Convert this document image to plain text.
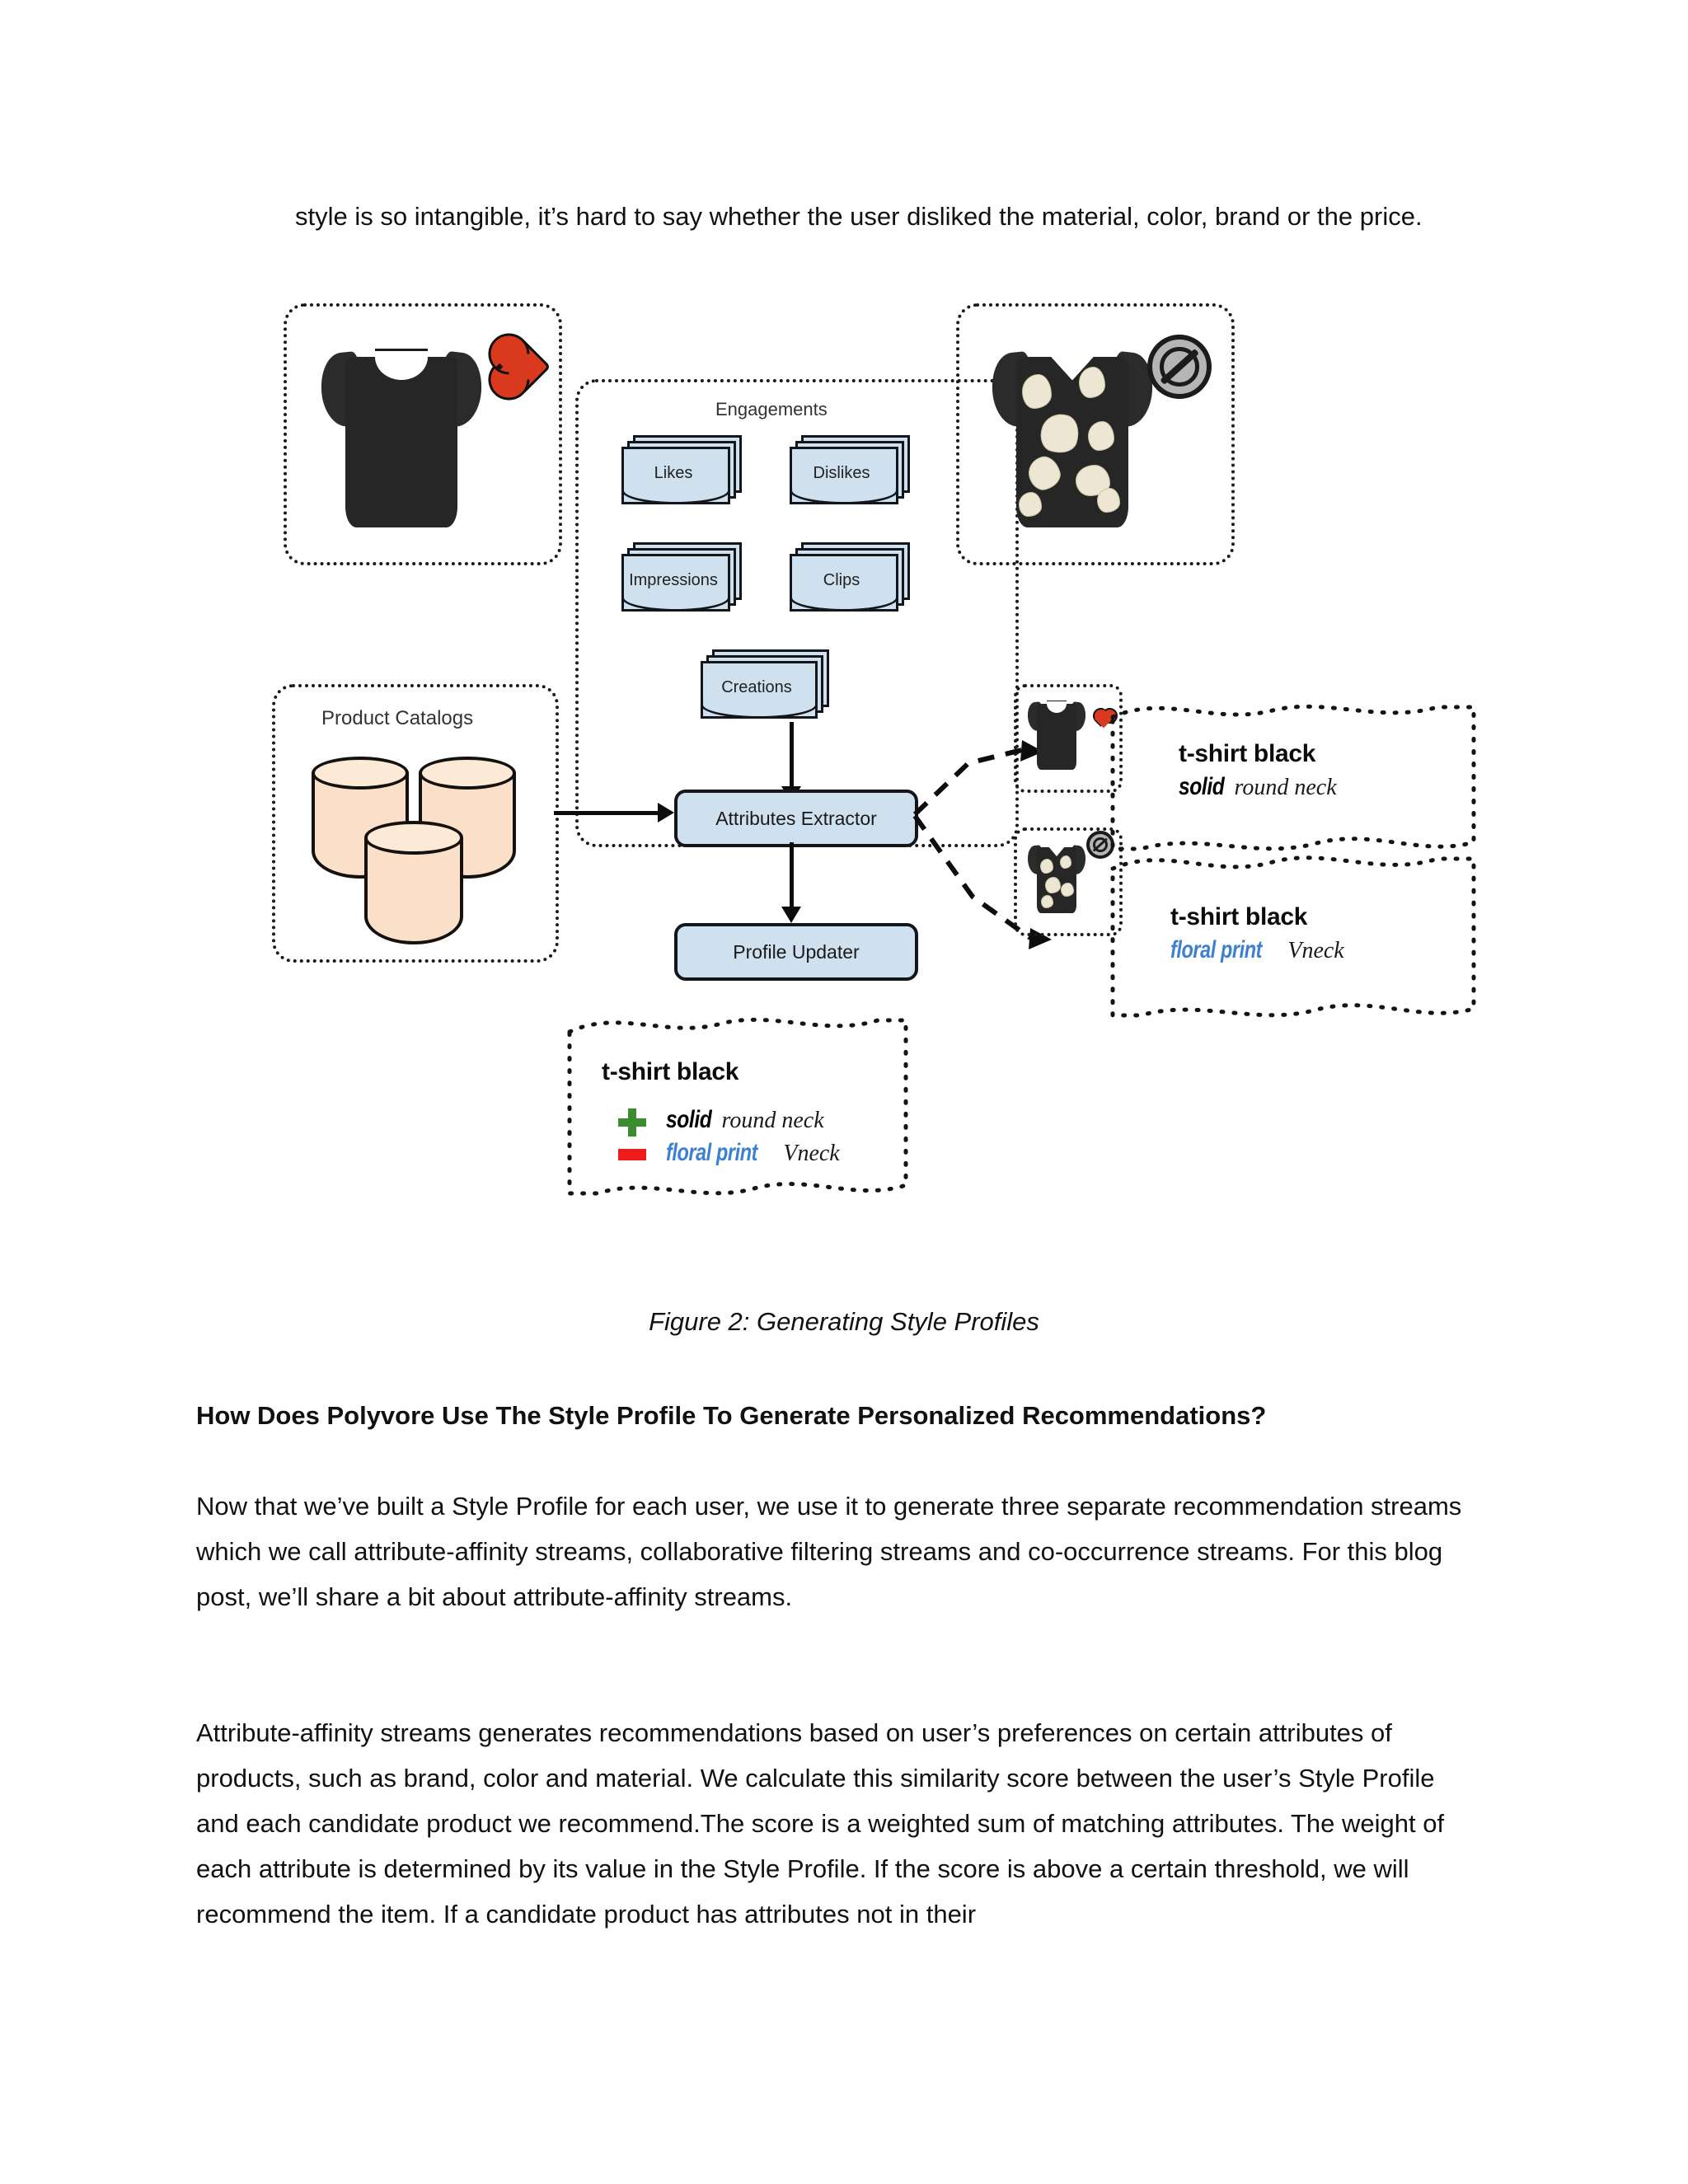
style is so intangible, it’s hard to say whether the user disliked the material, color, brand or the price.
Engagements
Likes	Dislikes
Impressions	Clips
Creations
Product Catalogs
Attributes Extractor
Profile Updater
t-shirt black
solid round neck
t-shirt black
floral print Vneck
t-shirt black
solid round neck
floral print Vneck
Figure 2: Generating Style Profiles
How Does Polyvore Use The Style Profile To Generate Personalized Recommendations?
Now that we’ve built a Style Profile for each user, we use it to generate three separate recommendation streams which we call attribute-affinity streams, collaborative filtering streams and co-occurrence streams. For this blog post, we’ll share a bit about attribute-affinity streams.
Attribute-affinity streams generates recommendations based on user’s preferences on certain attributes of products, such as brand, color and material. We calculate this similarity score between the user’s Style Profile and each candidate product we recommend.The score is a weighted sum of matching attributes. The weight of each attribute is determined by its value in the Style Profile. If the score is above a certain threshold, we will recommend the item. If a candidate product has attributes not in their
